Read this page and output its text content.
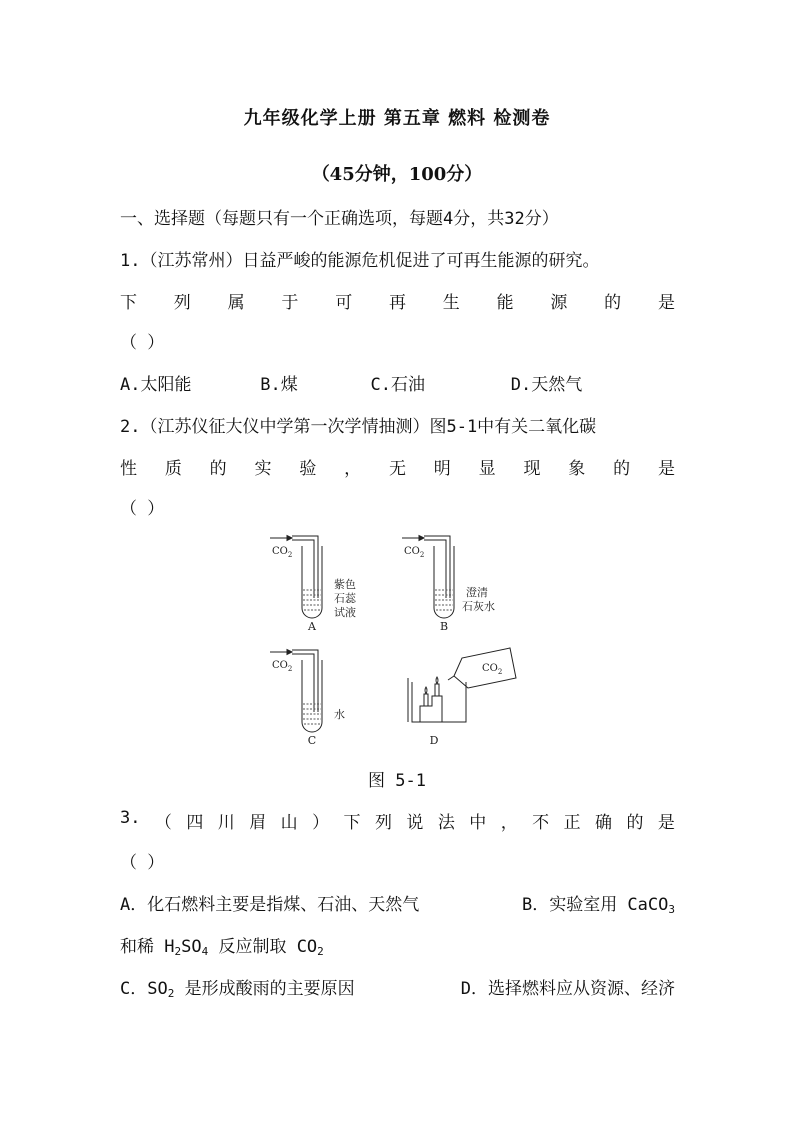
九年级化学上册 第五章 燃料 检测卷
（45分钟，100分）
一、选择题（每题只有一个正确选项，每题4分，共32分）
1.（江苏常州）日益严峻的能源危机促进了可再生能源的研究。
下 列 属 于 可 再 生 能 源 的 是
（ ）
A.太阳能	B.煤	C.石油	D.天然气
2.（江苏仪征大仪中学第一次学情抽测）图5-1中有关二氧化碳
性 质 的 实 验 ， 无 明 显 现 象 的 是
（ ）
$CO_2$
紫色
石蕊
试液
A
$CO_2$
澄清
石灰水
B
$CO_2$
水
C
$CO_2$
D
图 5-1
3. （ 四 川 眉 山 ） 下 列 说 法 中 ， 不 正 确 的 是
（ ）
A．化石燃料主要是指煤、石油、天然气	B．实验室用 CaCO$_3$
和稀 $H_2SO_4$ 反应制取 $CO_2$
C．$SO_2$ 是形成酸雨的主要原因	D．选择燃料应从资源、经济
